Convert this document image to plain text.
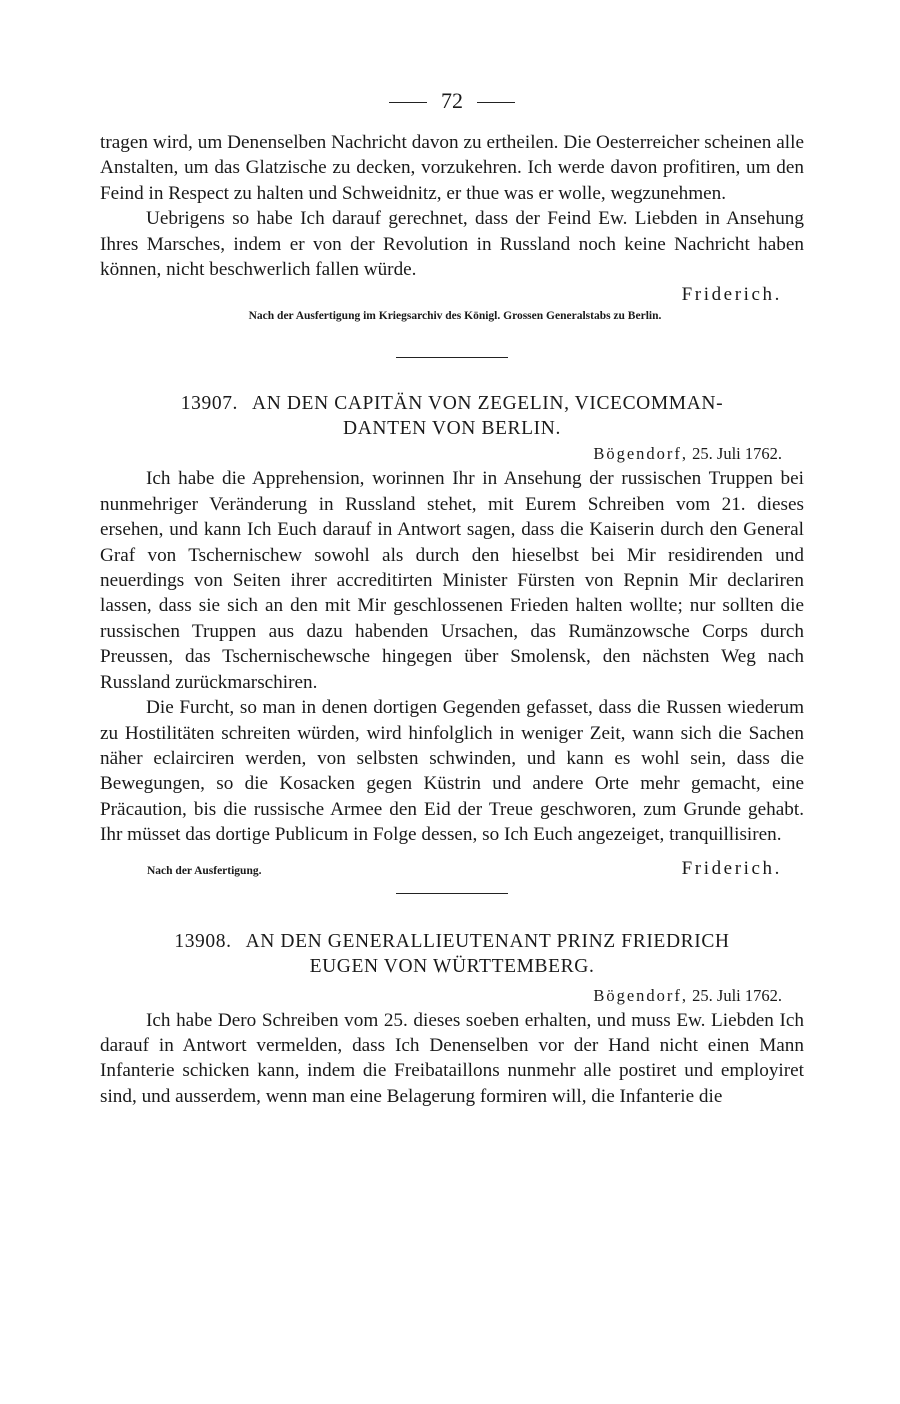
72

tragen wird, um Denenselben Nachricht davon zu ertheilen. Die Oesterreicher scheinen alle Anstalten, um das Glatzische zu decken, vorzukehren. Ich werde davon profitiren, um den Feind in Respect zu halten und Schweidnitz, er thue was er wolle, wegzunehmen.

Uebrigens so habe Ich darauf gerechnet, dass der Feind Ew. Liebden in Ansehung Ihres Marsches, indem er von der Revolution in Russland noch keine Nachricht haben können, nicht beschwerlich fallen würde.

Friderich.
Nach der Ausfertigung im Kriegsarchiv des Königl. Grossen Generalstabs zu Berlin.
13907. AN DEN CAPITÄN VON ZEGELIN, VICECOMMAN-
DANTEN VON BERLIN.
Bögendorf, 25. Juli 1762.

Ich habe die Apprehension, worinnen Ihr in Ansehung der russischen Truppen bei nunmehriger Veränderung in Russland stehet, mit Eurem Schreiben vom 21. dieses ersehen, und kann Ich Euch darauf in Antwort sagen, dass die Kaiserin durch den General Graf von Tschernischew sowohl als durch den hieselbst bei Mir residirenden und neuerdings von Seiten ihrer accreditirten Minister Fürsten von Repnin Mir declariren lassen, dass sie sich an den mit Mir geschlossenen Frieden halten wollte; nur sollten die russischen Truppen aus dazu habenden Ursachen, das Rumänzowsche Corps durch Preussen, das Tschernischewsche hingegen über Smolensk, den nächsten Weg nach Russland zurückmarschiren.

Die Furcht, so man in denen dortigen Gegenden gefasset, dass die Russen wiederum zu Hostilitäten schreiten würden, wird hinfolglich in weniger Zeit, wann sich die Sachen näher eclairciren werden, von selbsten schwinden, und kann es wohl sein, dass die Bewegungen, so die Kosacken gegen Küstrin und andere Orte mehr gemacht, eine Präcaution, bis die russische Armee den Eid der Treue geschworen, zum Grunde gehabt. Ihr müsset das dortige Publicum in Folge dessen, so Ich Euch angezeiget, tranquillisiren.

Nach der Ausfertigung.	Friderich.
13908. AN DEN GENERALLIEUTENANT PRINZ FRIEDRICH
EUGEN VON WÜRTTEMBERG.
Bögendorf, 25. Juli 1762.

Ich habe Dero Schreiben vom 25. dieses soeben erhalten, und muss Ew. Liebden Ich darauf in Antwort vermelden, dass Ich Denenselben vor der Hand nicht einen Mann Infanterie schicken kann, indem die Freibataillons nunmehr alle postiret und employiret sind, und ausserdem, wenn man eine Belagerung formiren will, die Infanterie die
